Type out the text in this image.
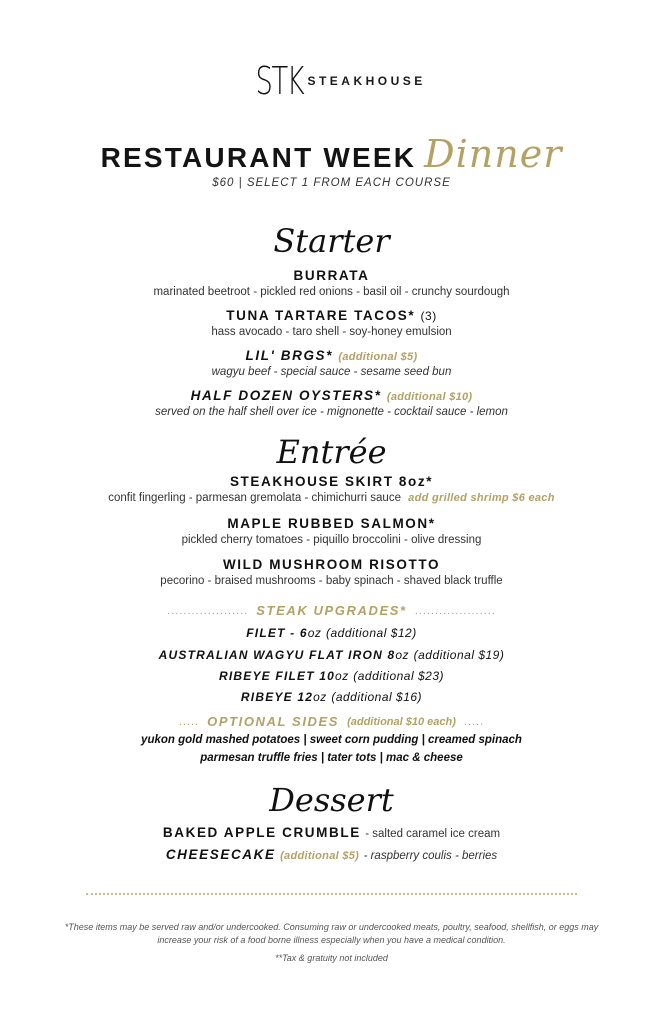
STK STEAKHOUSE
RESTAURANT WEEK Dinner
$60 | SELECT 1 FROM EACH COURSE
Starter
BURRATA
marinated beetroot - pickled red onions - basil oil - crunchy sourdough
TUNA TARTARE TACOS* (3)
hass avocado - taro shell - soy-honey emulsion
LIL' BRGS* (additional $5)
wagyu beef - special sauce - sesame seed bun
HALF DOZEN OYSTERS* (additional $10)
served on the half shell over ice - mignonette - cocktail sauce - lemon
Entrée
STEAKHOUSE SKIRT 8oz*
confit fingerling - parmesan gremolata - chimichurri sauce add grilled shrimp $6 each
MAPLE RUBBED SALMON*
pickled cherry tomatoes - piquillo broccolini - olive dressing
WILD MUSHROOM RISOTTO
pecorino - braised mushrooms - baby spinach - shaved black truffle
.................... STEAK UPGRADES* ....................
FILET - 6oz (additional $12)
AUSTRALIAN WAGYU FLAT IRON 8oz (additional $19)
RIBEYE FILET 10oz (additional $23)
RIBEYE 12oz (additional $16)
..... OPTIONAL SIDES (additional $10 each) .....
yukon gold mashed potatoes | sweet corn pudding | creamed spinach
parmesan truffle fries | tater tots | mac & cheese
Dessert
BAKED APPLE CRUMBLE - salted caramel ice cream
CHEESECAKE (additional $5) - raspberry coulis - berries
*These items may be served raw and/or undercooked. Consuming raw or undercooked meats, poultry, seafood, shellfish, or eggs may increase your risk of a food borne illness especially when you have a medical condition.
**Tax & gratuity not included
